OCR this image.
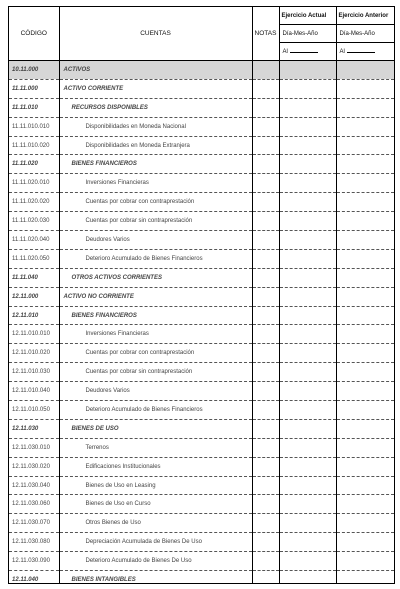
CÓDIGO	CUENTAS	NOTAS	Ejercicio Actual	Ejercicio Anterior
			Día-Mes-Año	Día-Mes-Año
			Al	Al
10.11.000	ACTIVOS			
11.11.000	ACTIVO CORRIENTE			
11.11.010	RECURSOS DISPONIBLES			
11.11.010.010	Disponibilidades en Moneda Nacional			
11.11.010.020	Disponibilidades en Moneda Extranjera			
11.11.020	BIENES FINANCIEROS			
11.11.020.010	Inversiones Financieras			
11.11.020.020	Cuentas por cobrar con contraprestación			
11.11.020.030	Cuentas por cobrar sin contraprestación			
11.11.020.040	Deudores Varios			
11.11.020.050	Deterioro Acumulado de Bienes Financieros			
11.11.040	OTROS ACTIVOS CORRIENTES			
12.11.000	ACTIVO NO CORRIENTE			
12.11.010	BIENES FINANCIEROS			
12.11.010.010	Inversiones Financieras			
12.11.010.020	Cuentas por cobrar con contraprestación			
12.11.010.030	Cuentas por cobrar sin contraprestación			
12.11.010.040	Deudores Varios			
12.11.010.050	Deterioro Acumulado de Bienes Financieros			
12.11.030	BIENES DE USO			
12.11.030.010	Terrenos			
12.11.030.020	Edificaciones Institucionales			
12.11.030.040	Bienes de Uso en Leasing			
12.11.030.060	Bienes de Uso en Curso			
12.11.030.070	Otros Bienes de Uso			
12.11.030.080	Depreciación Acumulada de Bienes De Uso			
12.11.030.090	Deterioro Acumulado de Bienes De Uso			
12.11.040	BIENES INTANGIBLES			
